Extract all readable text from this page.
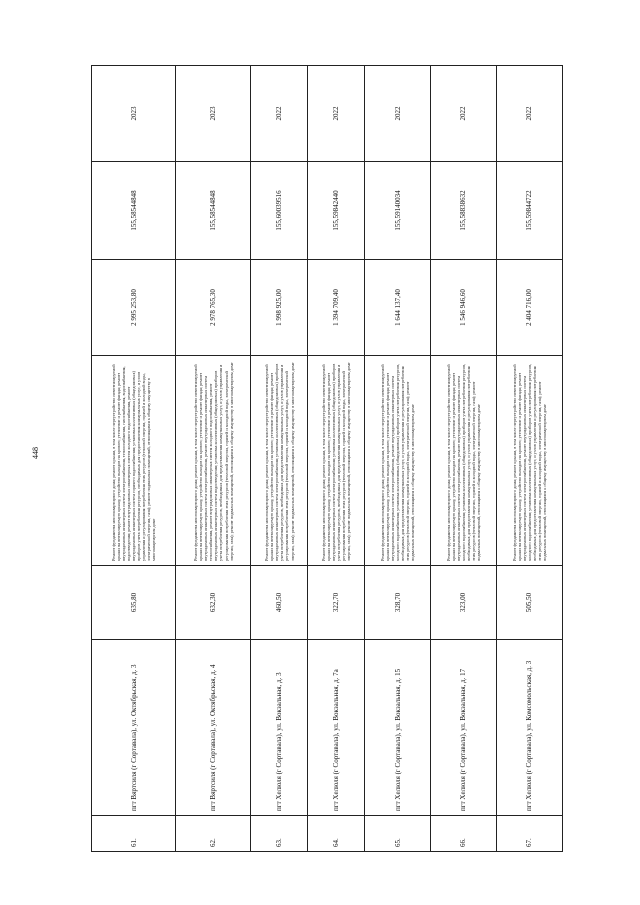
448
61.	пгт Вяртсиля (г Сортавала), ул. Октябрьская, д. 3	635,80	Ремонт фундамента многоквартирного дома; ремонт крыши, в том числе переустройство невентилируемой крыши на вентилируемую крышу, устройство выходов на кровлю; утепление и ремонт фасада; ремонт внутридомовых инженерных систем электроснабжения, теплоснабжения, газоснабжения, водоснабжения, водоотведения; ремонт внутридомовых инженерных систем холодного водоснабжения, ремонт внутридомовых инженерных систем горячего водоснабжения; установка коллективных (общедомовых) приборов учета потребления ресурсов, необходимых для предоставления коммунальных услуг, и узлов управления и регулирования потребления этих ресурсов (тепловой энергии, горячей и холодной воды, электрической энергии, газа); ремонт подвальных помещений, относящихся к общему имуществу в многоквартирном доме	2 995 253,80	155,58544848	2023
62.	пгт Вяртсиля (г Сортавала), ул. Октябрьская, д. 4	632,30	Ремонт фундамента многоквартирного дома; ремонт крыши, в том числе переустройство невентилируемой крыши на вентилируемую крышу, устройство выходов на кровлю; утепление и ремонт фасада; ремонт внутридомовых инженерных систем электроснабжения, ремонт внутридомовых инженерных систем теплоснабжения, ремонт внутридомовых инженерных систем холодного водоснабжения, ремонт внутридомовых инженерных систем водоотведения; установка коллективных (общедомовых) приборов учета потребления ресурсов, необходимых для предоставления коммунальных услуг, и узлов управления и регулирования потребления этих ресурсов (тепловой энергии, горячей и холодной воды, электрической энергии, газа); ремонт подвальных помещений, относящихся к общему имуществу в многоквартирном доме	2 978 765,30	155,58544848	2023
63.	пгт Хелюля (г Сортавала), ул. Вокзальная, д. 3	460,50	Ремонт фундамента многоквартирного дома; ремонт крыши, в том числе переустройство невентилируемой крыши на вентилируемую крышу, устройство выходов на кровлю; утепление и ремонт фасада; ремонт внутридомовых инженерных систем электроснабжения; установка коллективных (общедомовых) приборов учета потребления ресурсов, необходимых для предоставления коммунальных услуг, и узлов управления и регулирования потребления этих ресурсов (тепловой энергии, горячей и холодной воды, электрической энергии, газа); ремонт подвальных помещений, относящихся к общему имуществу в многоквартирном доме	1 998 925,00	155,60039516	2022
64.	пгт Хелюля (г Сортавала), ул. Вокзальная, д. 7а	322,70	Ремонт фундамента многоквартирного дома; ремонт крыши, в том числе переустройство невентилируемой крыши на вентилируемую крышу, устройство выходов на кровлю; утепление и ремонт фасада; ремонт внутридомовых инженерных систем электроснабжения; установка коллективных (общедомовых) приборов учета потребления ресурсов, необходимых для предоставления коммунальных услуг, и узлов управления и регулирования потребления этих ресурсов (тепловой энергии, горячей и холодной воды, электрической энергии, газа); ремонт подвальных помещений, относящихся к общему имуществу в многоквартирном доме	1 394 709,40	155,59842440	2022
65.	пгт Хелюля (г Сортавала), ул. Вокзальная, д. 15	328,70	Ремонт фундамента многоквартирного дома; ремонт крыши, в том числе переустройство невентилируемой крыши на вентилируемую крышу, устройство выходов на кровлю; утепление и ремонт фасада; ремонт внутридомовых инженерных систем электроснабжения, ремонт внутридомовых инженерных систем холодного водоснабжения; установка коллективных (общедомовых) приборов учета потребления ресурсов, необходимых для предоставления коммунальных услуг, и узлов управления и регулирования потребления этих ресурсов (тепловой энергии, горячей и холодной воды, электрической энергии, газа); ремонт подвальных помещений, относящихся к общему имуществу в многоквартирном доме	1 644 137,40	155,59140034	2022
66.	пгт Хелюля (г Сортавала), ул. Вокзальная, д. 17	323,00	Ремонт фундамента многоквартирного дома; ремонт крыши, в том числе переустройство невентилируемой крыши на вентилируемую крышу, устройство выходов на кровлю; утепление и ремонт фасада; ремонт внутридомовых инженерных систем электроснабжения, ремонт внутридомовых инженерных систем холодного водоснабжения; установка коллективных (общедомовых) приборов учета потребления ресурсов, необходимых для предоставления коммунальных услуг, и узлов управления и регулирования потребления этих ресурсов (тепловой энергии, горячей и холодной воды, электрической энергии, газа); ремонт подвальных помещений, относящихся к общему имуществу в многоквартирном доме	1 546 946,60	155,58838632	2022
67.	пгт Хелюля (г Сортавала), ул. Комсомольская, д. 3	505,50	Ремонт фундамента многоквартирного дома; ремонт крыши, в том числе переустройство невентилируемой крыши на вентилируемую крышу, устройство выходов на кровлю; утепление и ремонт фасада; ремонт внутридомовых инженерных систем электроснабжения, ремонт внутридомовых инженерных систем холодного водоснабжения; установка коллективных (общедомовых) приборов учета потребления ресурсов, необходимых для предоставления коммунальных услуг, и узлов управления и регулирования потребления этих ресурсов (тепловой энергии, горячей и холодной воды, электрической энергии, газа); ремонт подвальных помещений, относящихся к общему имуществу в многоквартирном доме	2 404 716,00	155,59844722	2022
